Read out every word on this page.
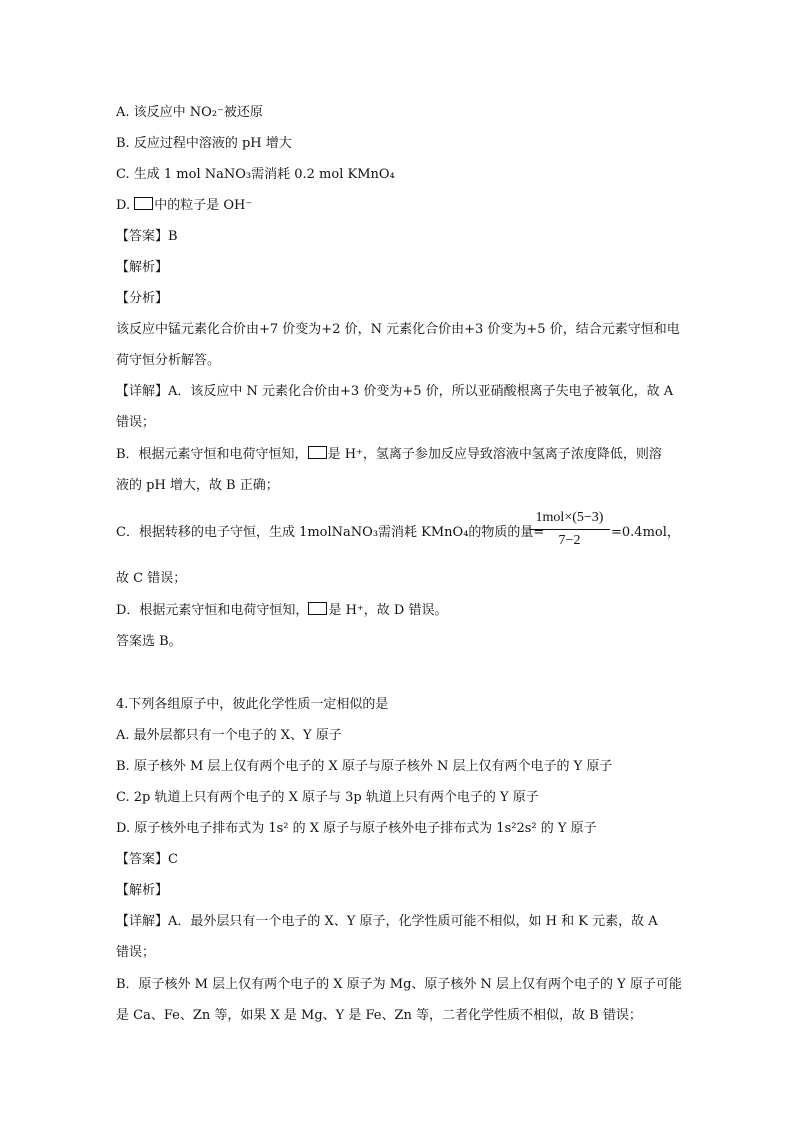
A. 该反应中 NO₂⁻被还原
B. 反应过程中溶液的 pH 增大
C. 生成 1 mol NaNO₃需消耗 0.2 mol KMnO₄
D. 中的粒子是 OH⁻
【答案】B
【解析】
【分析】
该反应中锰元素化合价由+7 价变为+2 价，N 元素化合价由+3 价变为+5 价，结合元素守恒和电
荷守恒分析解答。
【详解】A．该反应中 N 元素化合价由+3 价变为+5 价，所以亚硝酸根离子失电子被氧化，故 A
错误；
B．根据元素守恒和电荷守恒知， 是 H⁺，氢离子参加反应导致溶液中氢离子浓度降低，则溶
液的 pH 增大，故 B 正确；
C．根据转移的电子守恒，生成 1molNaNO₃需消耗 KMnO₄的物质的量=
1mol×(5−3)
7−2
=0.4mol，
故 C 错误；
D．根据元素守恒和电荷守恒知， 是 H⁺，故 D 错误。
答案选 B。
4.下列各组原子中，彼此化学性质一定相似的是
A. 最外层都只有一个电子的 X、Y 原子
B. 原子核外 M 层上仅有两个电子的 X 原子与原子核外 N 层上仅有两个电子的 Y 原子
C. 2p 轨道上只有两个电子的 X 原子与 3p 轨道上只有两个电子的 Y 原子
D. 原子核外电子排布式为 1s² 的 X 原子与原子核外电子排布式为 1s²2s² 的 Y 原子
【答案】C
【解析】
【详解】A．最外层只有一个电子的 X、Y 原子，化学性质可能不相似，如 H 和 K 元素，故 A
错误；
B．原子核外 M 层上仅有两个电子的 X 原子为 Mg、原子核外 N 层上仅有两个电子的 Y 原子可能
是 Ca、Fe、Zn 等，如果 X 是 Mg、Y 是 Fe、Zn 等，二者化学性质不相似，故 B 错误；
